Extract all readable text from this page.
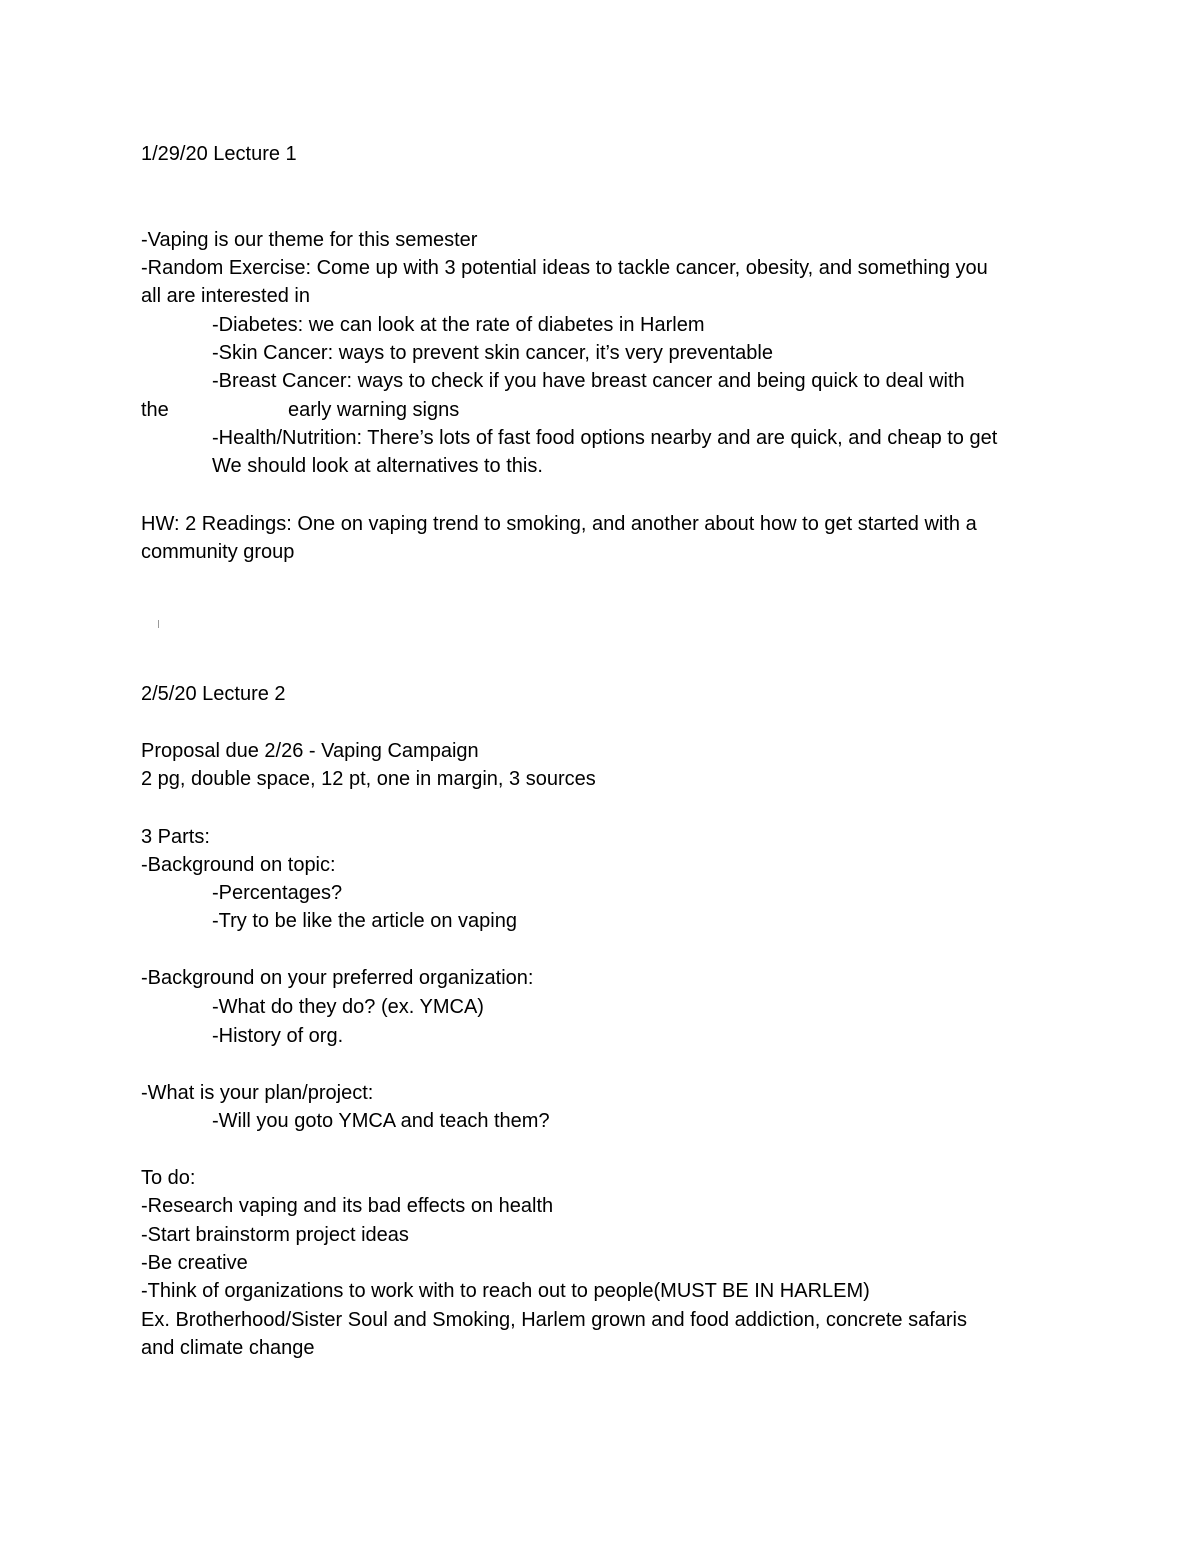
1/29/20 Lecture 1

-Vaping is our theme for this semester

-Random Exercise: Come up with 3 potential ideas to tackle cancer, obesity, and something you

all are interested in

-Diabetes: we can look at the rate of diabetes in Harlem

-Skin Cancer: ways to prevent skin cancer, it’s very preventable

-Breast Cancer: ways to check if you have breast cancer and being quick to deal with

the	early warning signs

-Health/Nutrition: There’s lots of fast food options nearby and are quick, and cheap to get

We should look at alternatives to this.

HW: 2 Readings: One on vaping trend to smoking, and another about how to get started with a

community group

2/5/20 Lecture 2

Proposal due 2/26 - Vaping Campaign

2 pg, double space, 12 pt, one in margin, 3 sources

3 Parts:

-Background on topic:

-Percentages?

-Try to be like the article on vaping

-Background on your preferred organization:

-What do they do? (ex. YMCA)

-History of org.

-What is your plan/project:

-Will you goto YMCA and teach them?

To do:

-Research vaping and its bad effects on health

-Start brainstorm project ideas

-Be creative

-Think of organizations to work with to reach out to people(MUST BE IN HARLEM)

Ex. Brotherhood/Sister Soul and Smoking, Harlem grown and food addiction, concrete safaris

and climate change
